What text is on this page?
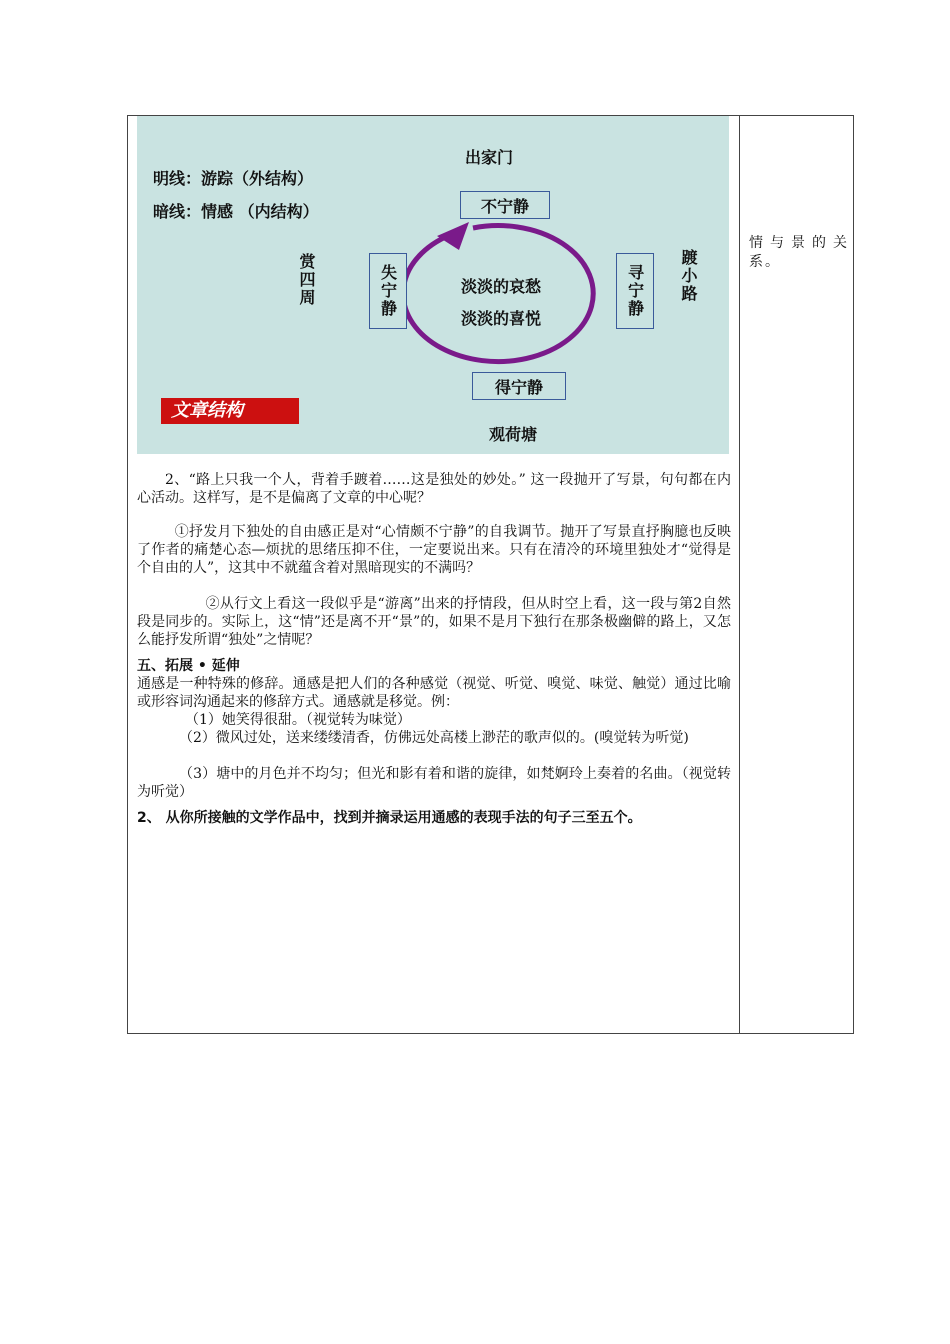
情与景的关系。
出家门
明线：游踪（外结构）
暗线：情感 （内结构）	不宁静
失宁静	寻宁静
得宁静
赏四周	踱小路
淡淡的哀愁
淡淡的喜悦
文章结构
观荷塘

2、“路上只我一个人，背着手踱着……这是独处的妙处。” 这一段抛开了写景，句句都在内心活动。这样写，是不是偏离了文章的中心呢？

①抒发月下独处的自由感正是对“心情颇不宁静”的自我调节。抛开了写景直抒胸臆也反映了作者的痛楚心态—烦扰的思绪压抑不住，一定要说出来。只有在清冷的环境里独处才“觉得是个自由的人”，这其中不就蕴含着对黑暗现实的不满吗？

②从行文上看这一段似乎是“游离”出来的抒情段，但从时空上看，这一段与第2自然段是同步的。实际上，这“情”还是离不开“景”的，如果不是月下独行在那条极幽僻的路上，又怎么能抒发所谓“独处”之情呢？

五、拓展 • 延伸
通感是一种特殊的修辞。通感是把人们的各种感觉（视觉、听觉、嗅觉、味觉、触觉）通过比喻或形容词沟通起来的修辞方式。通感就是移觉。例：
（1）她笑得很甜。（视觉转为味觉）
（2）微风过处，送来缕缕清香，仿佛远处高楼上渺茫的歌声似的。(嗅觉转为听觉)
（3）塘中的月色并不均匀；但光和影有着和谐的旋律，如梵婀玲上奏着的名曲。（视觉转为听觉）
2、 从你所接触的文学作品中，找到并摘录运用通感的表现手法的句子三至五个。
